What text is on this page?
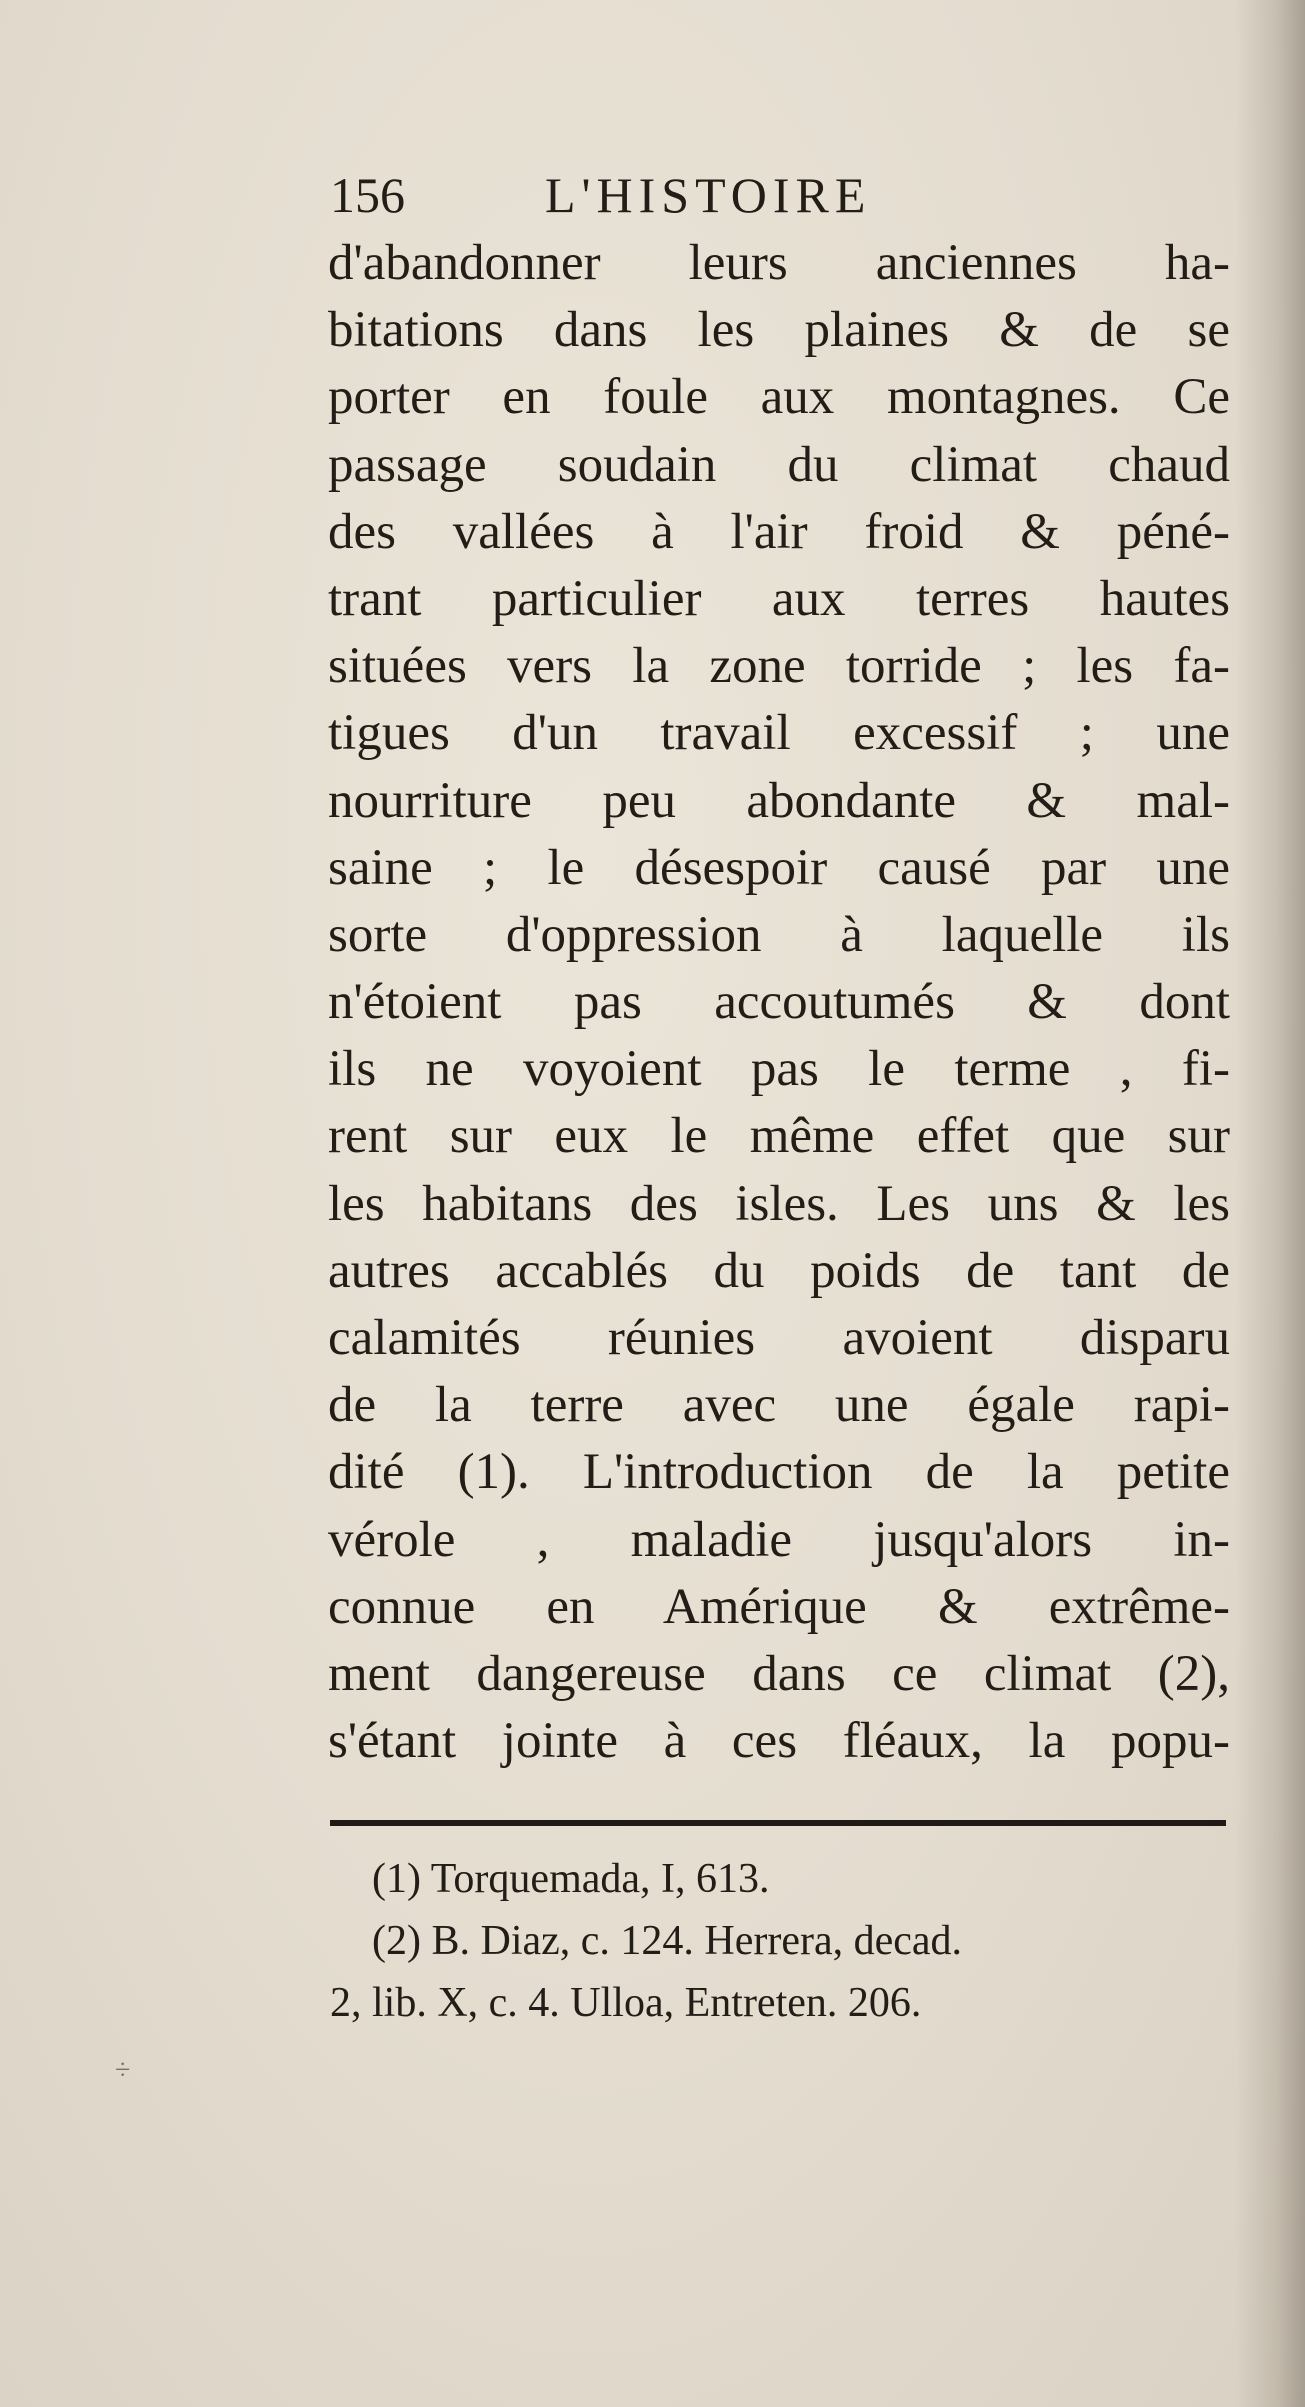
156	L'HISTOIRE
d'abandonner leurs anciennes ha-
bitations dans les plaines & de se
porter en foule aux montagnes. Ce
passage soudain du climat chaud
des vallées à l'air froid & péné-
trant particulier aux terres hautes
situées vers la zone torride ; les fa-
tigues d'un travail excessif ; une
nourriture peu abondante & mal-
saine ; le désespoir causé par une
sorte d'oppression à laquelle ils
n'étoient pas accoutumés & dont
ils ne voyoient pas le terme , fi-
rent sur eux le même effet que sur
les habitans des isles. Les uns & les
autres accablés du poids de tant de
calamités réunies avoient disparu
de la terre avec une égale rapi-
dité (1). L'introduction de la petite
vérole , maladie jusqu'alors in-
connue en Amérique & extrême-
ment dangereuse dans ce climat (2),
s'étant jointe à ces fléaux, la popu-
(1) Torquemada, I, 613.
(2) B. Diaz, c. 124. Herrera, decad.
2, lib. X, c. 4. Ulloa, Entreten. 206.
÷
